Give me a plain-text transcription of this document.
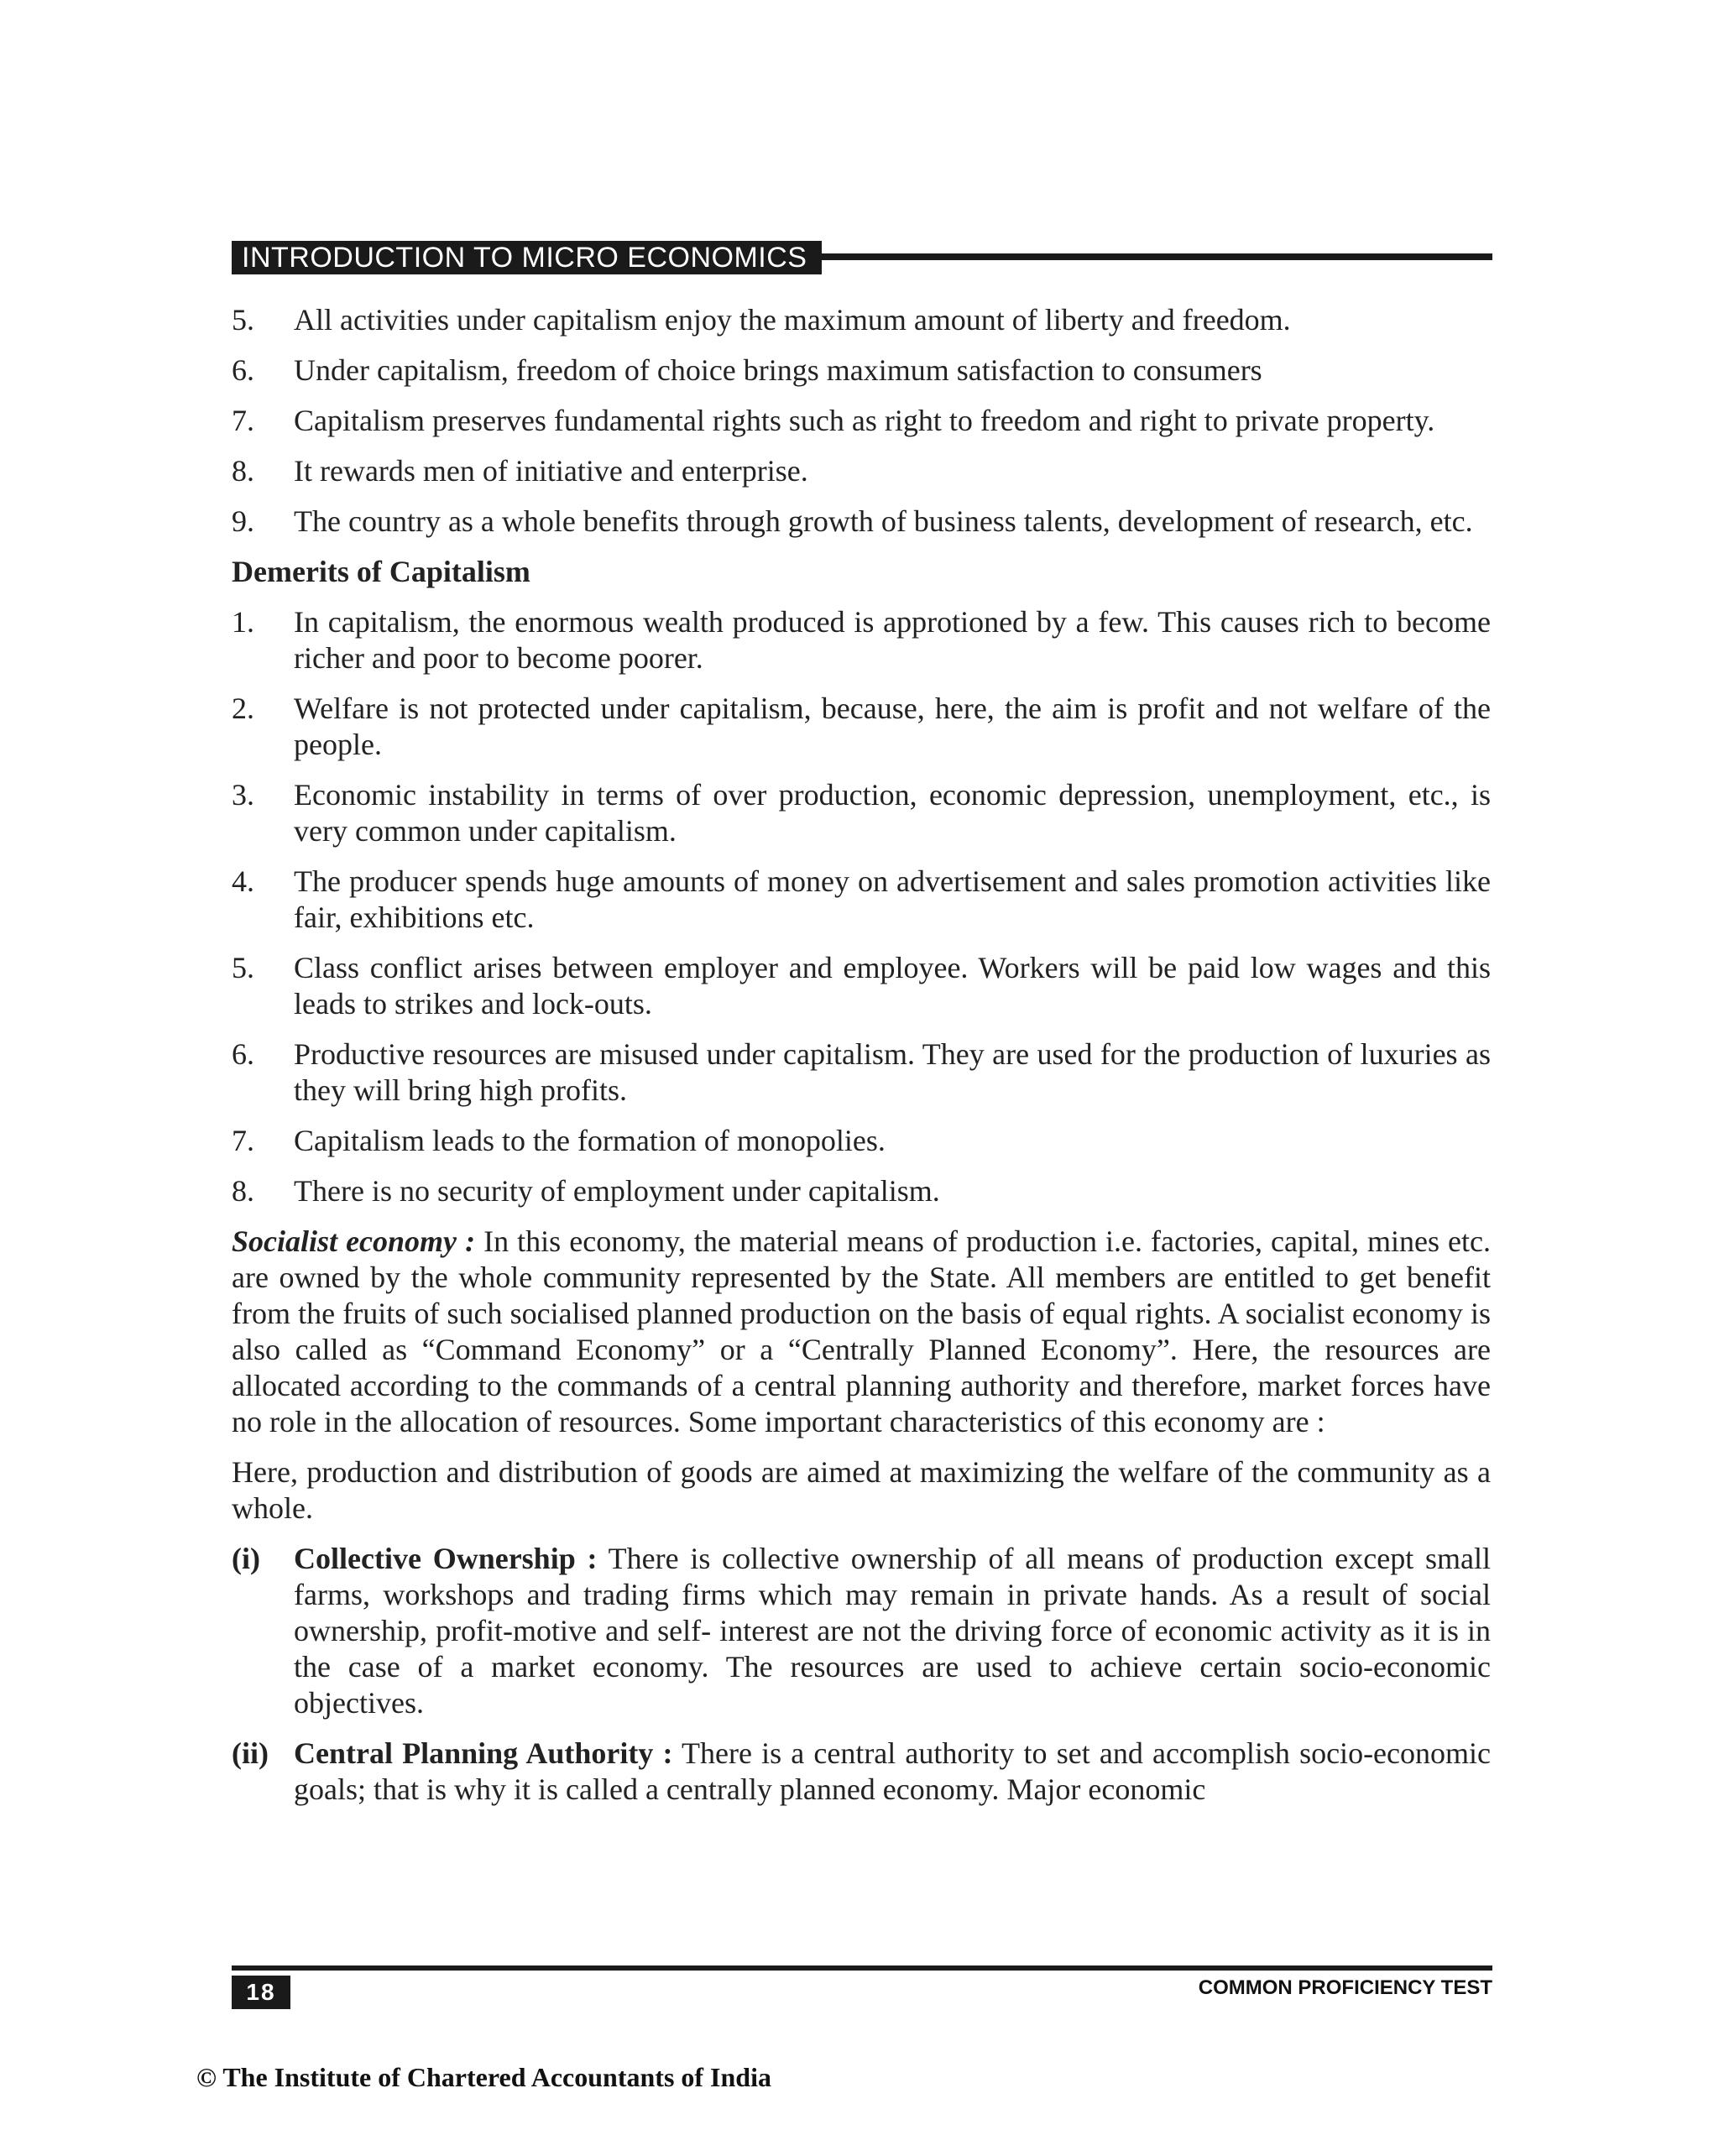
INTRODUCTION TO MICRO ECONOMICS
5.	All activities under capitalism enjoy the maximum amount of liberty and freedom.
6.	Under capitalism, freedom of choice brings maximum satisfaction to consumers
7.	Capitalism preserves fundamental rights such as right to freedom and right to private property.
8.	It rewards men of initiative and enterprise.
9.	The country as a whole benefits through growth of business talents, development of research, etc.
Demerits of Capitalism
1.	In capitalism, the enormous wealth produced is approtioned by a few. This causes rich to become richer and poor to become poorer.
2.	Welfare is not protected under capitalism, because, here, the aim is profit and not welfare of the people.
3.	Economic instability in terms of over production, economic depression, unemployment, etc., is very common under capitalism.
4.	The producer spends huge amounts of money on advertisement and sales promotion activities like fair, exhibitions etc.
5.	Class conflict arises between employer and employee. Workers will be paid low wages and this leads to strikes and lock-outs.
6.	Productive resources are misused under capitalism. They are used for the production of luxuries as they will bring high profits.
7.	Capitalism leads to the formation of monopolies.
8.	There is no security of employment under capitalism.

Socialist economy : In this economy, the material means of production i.e. factories, capital, mines etc. are owned by the whole community represented by the State. All members are entitled to get benefit from the fruits of such socialised planned production on the basis of equal rights. A socialist economy is also called as “Command Economy” or a “Centrally Planned Economy”. Here, the resources are allocated according to the commands of a central planning authority and therefore, market forces have no role in the allocation of resources. Some important characteristics of this economy are :

Here, production and distribution of goods are aimed at maximizing the welfare of the community as a whole.

(i)	Collective Ownership : There is collective ownership of all means of production except small farms, workshops and trading firms which may remain in private hands. As a result of social ownership, profit-motive and self- interest are not the driving force of economic activity as it is in the case of a market economy. The resources are used to achieve certain socio-economic objectives.
(ii) Central Planning Authority : There is a central authority to set and accomplish socio-economic goals; that is why it is called a centrally planned economy. Major economic
18	COMMON PROFICIENCY TEST
© The Institute of Chartered Accountants of India
